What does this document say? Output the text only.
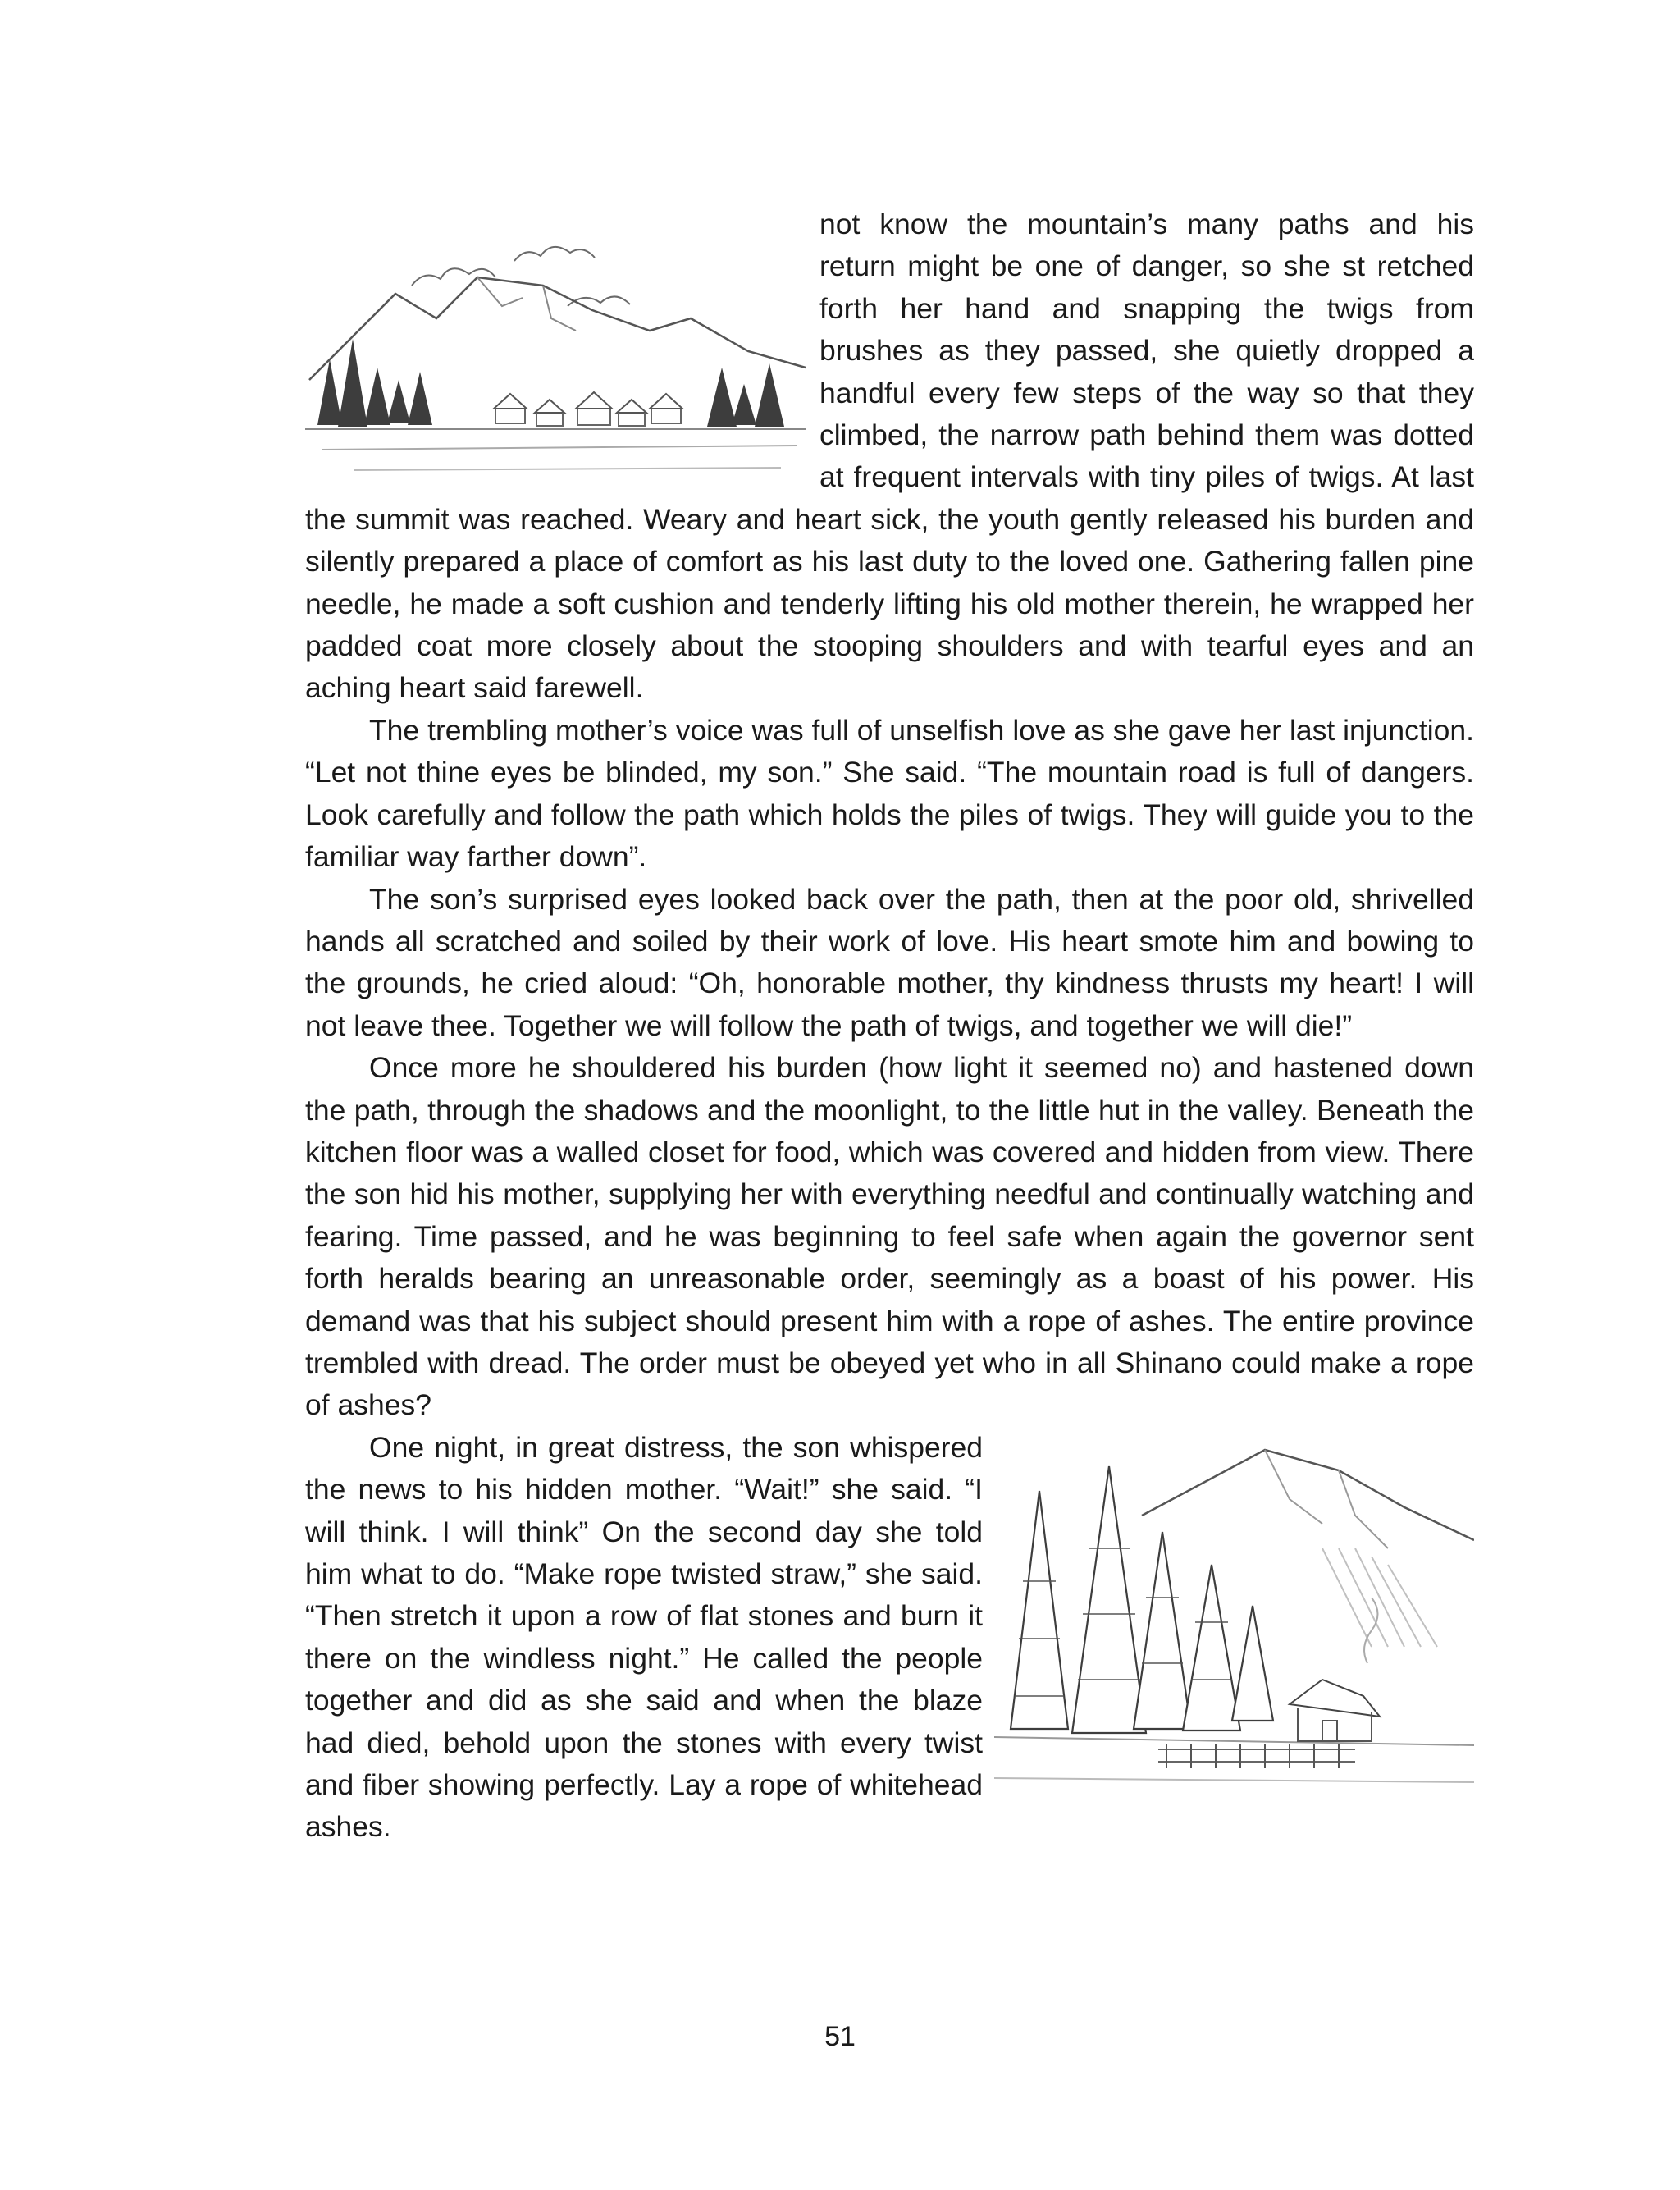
not know the mountain’s many paths and his return might be one of danger, so she st retched forth her hand and snapping the twigs from brushes as they passed, she quietly dropped a handful every few steps of the way so that they climbed, the narrow path behind them was dotted at frequent intervals with tiny piles of twigs. At last the summit was reached. Weary and heart sick, the youth gently released his burden and silently prepared a place of comfort as his last duty to the loved one. Gathering fallen pine needle, he made a soft cushion and tenderly lifting his old mother therein, he wrapped her padded coat more closely about the stooping shoulders and with tearful eyes and an aching heart said farewell.

The trembling mother’s voice was full of unselfish love as she gave her last injunction. “Let not thine eyes be blinded, my son.” She said. “The mountain road is full of dangers. Look carefully and follow the path which holds the piles of twigs. They will guide you to the familiar way farther down”.

The son’s surprised eyes looked back over the path, then at the poor old, shrivelled hands all scratched and soiled by their work of love. His heart smote him and bowing to the grounds, he cried aloud: “Oh, honorable mother, thy kindness thrusts my heart! I will not leave thee. Together we will follow the path of twigs, and together we will die!”

Once more he shouldered his burden (how light it seemed no) and hastened down the path, through the shadows and the moonlight, to the little hut in the valley. Beneath the kitchen floor was a walled closet for food, which was covered and hidden from view. There the son hid his mother, supplying her with everything needful and continually watching and fearing. Time passed, and he was beginning to feel safe when again the governor sent forth heralds bearing an unreasonable order, seemingly as a boast of his power. His demand was that his subject should present him with a rope of ashes. The entire province trembled with dread. The order must be obeyed yet who in all Shinano could make a rope of ashes?

One night, in great distress, the son whispered the news to his hidden mother. “Wait!” she said. “I will think. I will think” On the second day she told him what to do. “Make rope twisted straw,” she said. “Then stretch it upon a row of flat stones and burn it there on the windless night.” He called the people together and did as she said and when the blaze had died, behold upon the stones with every twist and fiber showing perfectly. Lay a rope of whitehead ashes.

51
